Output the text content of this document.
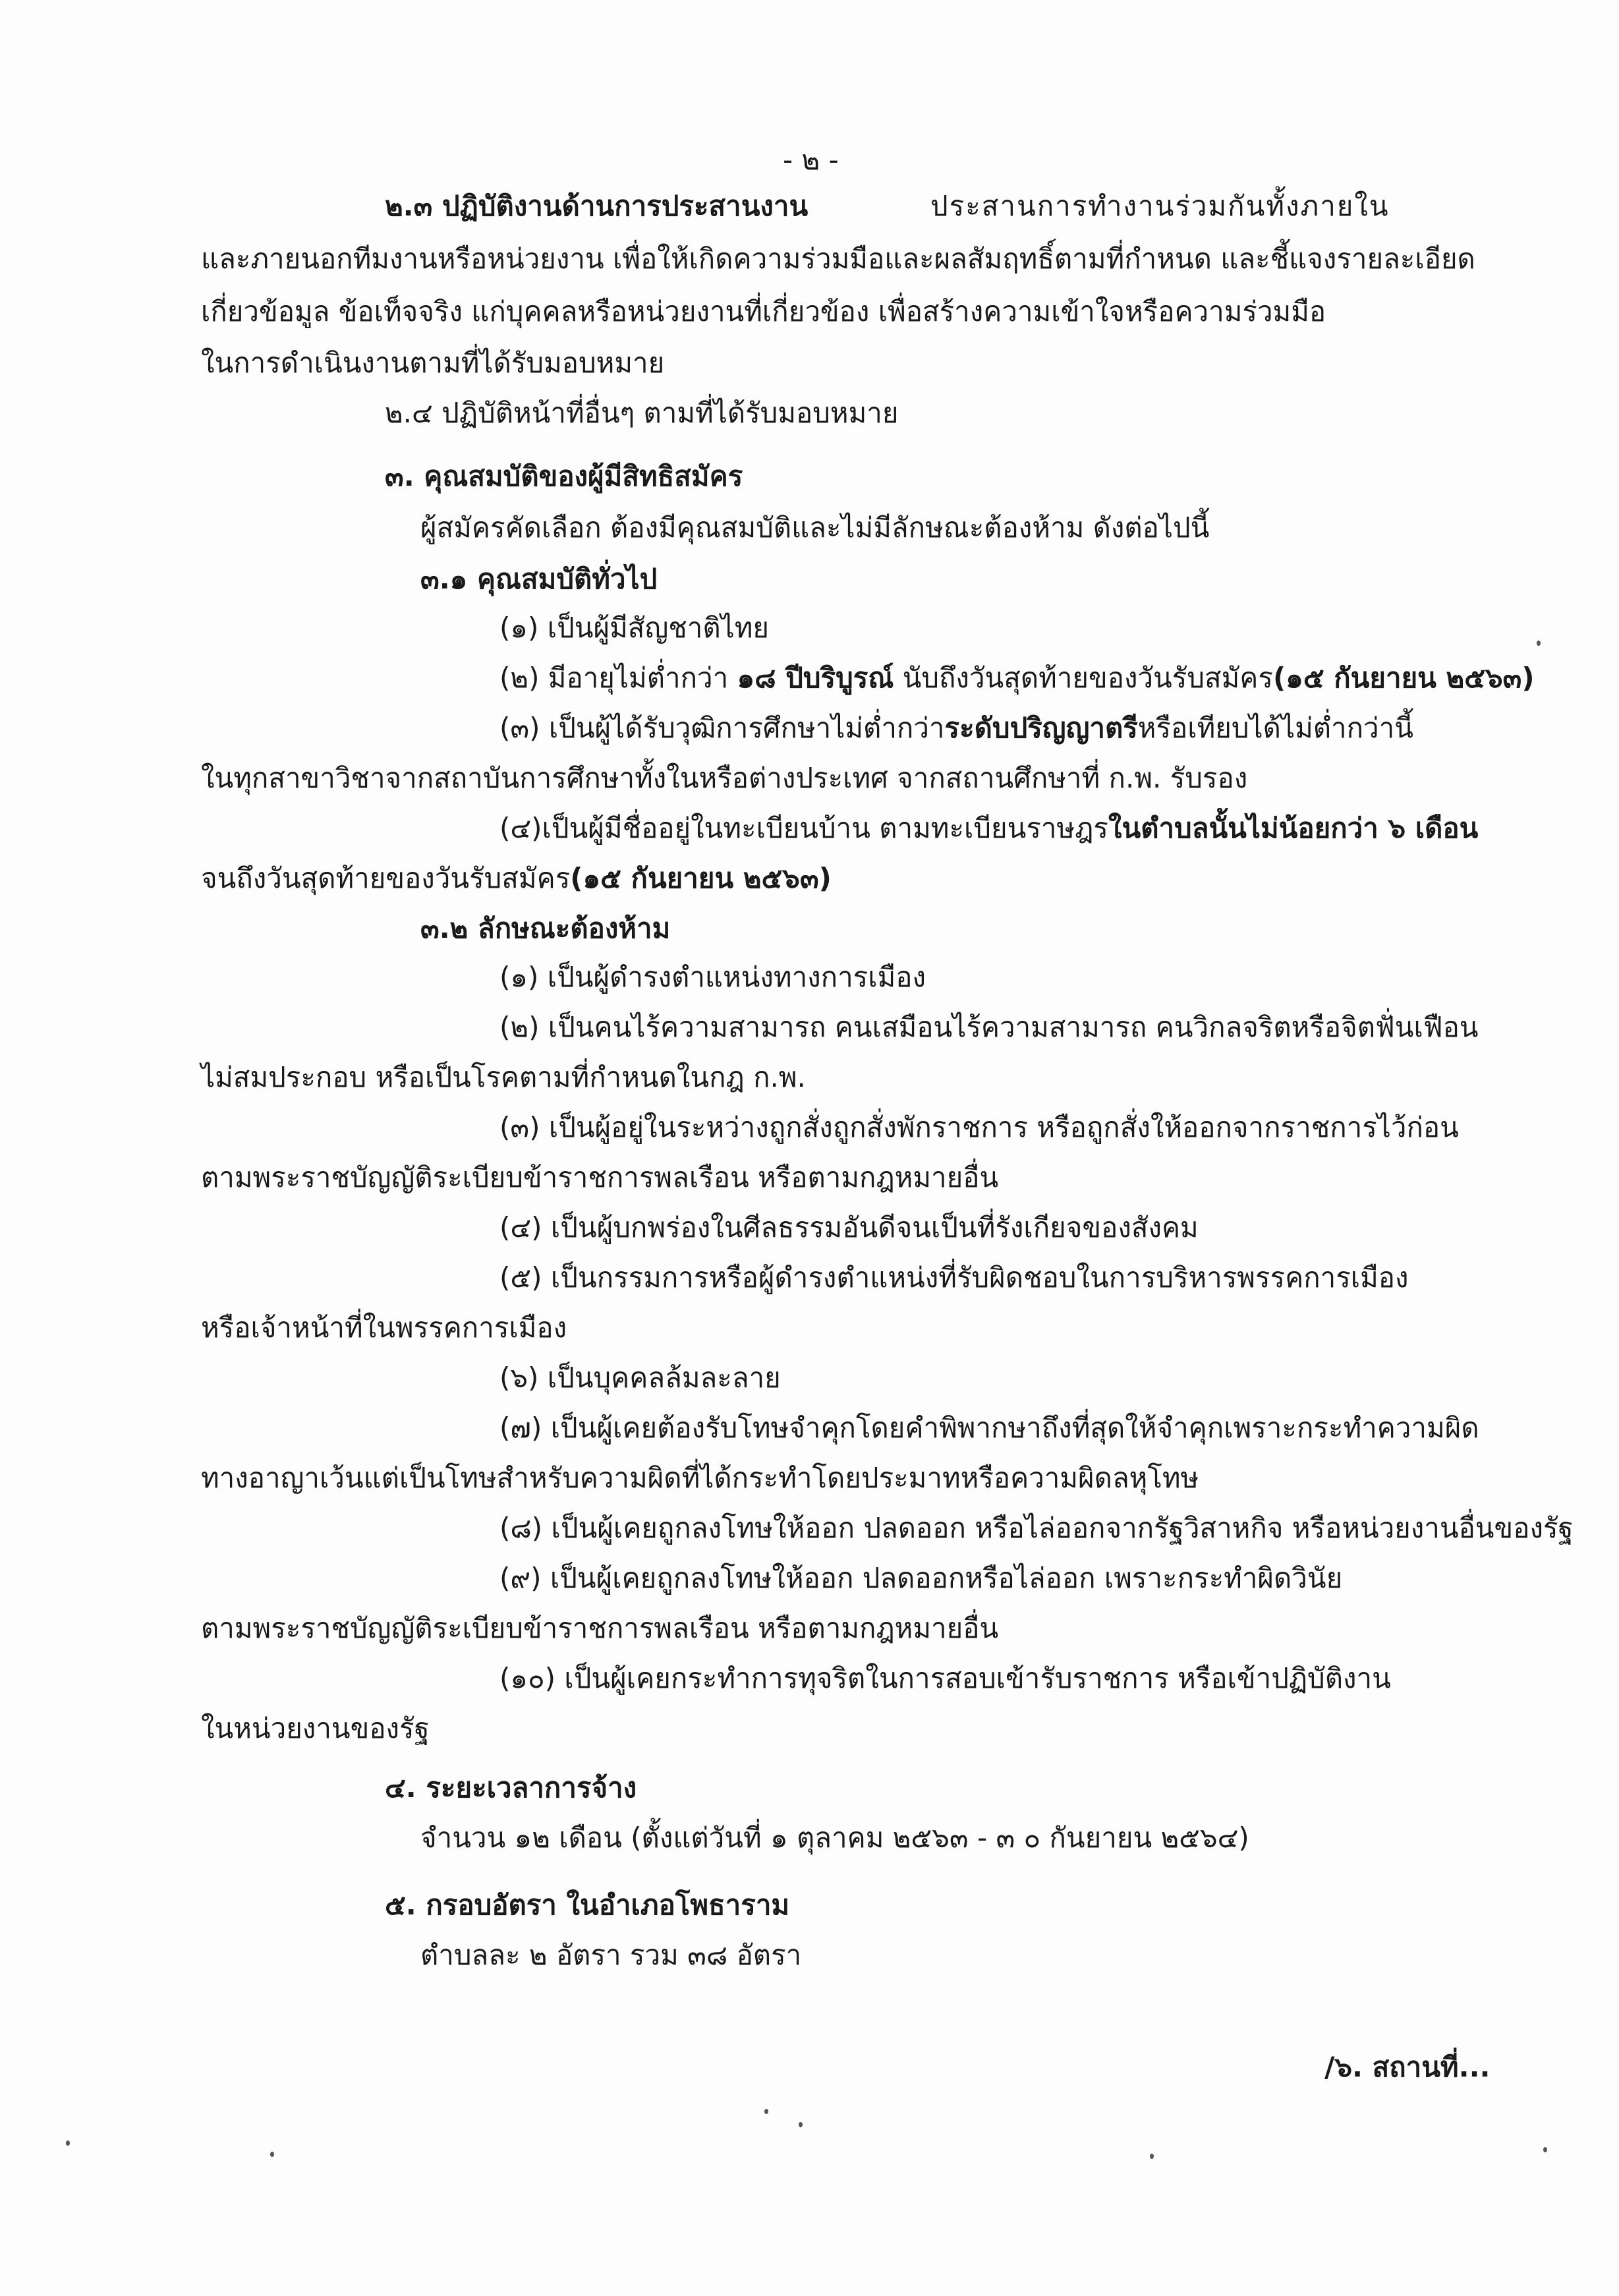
- ๒ -
๒.๓ ปฏิบัติงานด้านการประสานงาน	ประสานการทำงานร่วมกันทั้งภายใน
และภายนอกทีมงานหรือหน่วยงาน เพื่อให้เกิดความร่วมมือและผลสัมฤทธิ์ตามที่กำหนด และชี้แจงรายละเอียด
เกี่ยวข้อมูล ข้อเท็จจริง แก่บุคคลหรือหน่วยงานที่เกี่ยวข้อง เพื่อสร้างความเข้าใจหรือความร่วมมือ
ในการดำเนินงานตามที่ได้รับมอบหมาย
๒.๔ ปฏิบัติหน้าที่อื่นๆ ตามที่ได้รับมอบหมาย
๓. คุณสมบัติของผู้มีสิทธิสมัคร
ผู้สมัครคัดเลือก ต้องมีคุณสมบัติและไม่มีลักษณะต้องห้าม ดังต่อไปนี้
๓.๑ คุณสมบัติทั่วไป
(๑) เป็นผู้มีสัญชาติไทย
(๒) มีอายุไม่ต่ำกว่า ๑๘ ปีบริบูรณ์ นับถึงวันสุดท้ายของวันรับสมัคร(๑๕ กันยายน ๒๕๖๓)
(๓) เป็นผู้ได้รับวุฒิการศึกษาไม่ต่ำกว่าระดับปริญญาตรีหรือเทียบได้ไม่ต่ำกว่านี้
ในทุกสาขาวิชาจากสถาบันการศึกษาทั้งในหรือต่างประเทศ จากสถานศึกษาที่ ก.พ. รับรอง
(๔)เป็นผู้มีชื่ออยู่ในทะเบียนบ้าน ตามทะเบียนราษฎรในตำบลนั้นไม่น้อยกว่า ๖ เดือน
จนถึงวันสุดท้ายของวันรับสมัคร(๑๕ กันยายน ๒๕๖๓)
๓.๒ ลักษณะต้องห้าม
(๑) เป็นผู้ดำรงตำแหน่งทางการเมือง
(๒) เป็นคนไร้ความสามารถ คนเสมือนไร้ความสามารถ คนวิกลจริตหรือจิตฟั่นเฟือน
ไม่สมประกอบ หรือเป็นโรคตามที่กำหนดในกฎ ก.พ.
(๓) เป็นผู้อยู่ในระหว่างถูกสั่งถูกสั่งพักราชการ หรือถูกสั่งให้ออกจากราชการไว้ก่อน
ตามพระราชบัญญัติระเบียบข้าราชการพลเรือน หรือตามกฎหมายอื่น
(๔) เป็นผู้บกพร่องในศีลธรรมอันดีจนเป็นที่รังเกียจของสังคม
(๕) เป็นกรรมการหรือผู้ดำรงตำแหน่งที่รับผิดชอบในการบริหารพรรคการเมือง
หรือเจ้าหน้าที่ในพรรคการเมือง
(๖) เป็นบุคคลล้มละลาย
(๗) เป็นผู้เคยต้องรับโทษจำคุกโดยคำพิพากษาถึงที่สุดให้จำคุกเพราะกระทำความผิด
ทางอาญาเว้นแต่เป็นโทษสำหรับความผิดที่ได้กระทำโดยประมาทหรือความผิดลหุโทษ
(๘) เป็นผู้เคยถูกลงโทษให้ออก ปลดออก หรือไล่ออกจากรัฐวิสาหกิจ หรือหน่วยงานอื่นของรัฐ
(๙) เป็นผู้เคยถูกลงโทษให้ออก ปลดออกหรือไล่ออก เพราะกระทำผิดวินัย
ตามพระราชบัญญัติระเบียบข้าราชการพลเรือน หรือตามกฎหมายอื่น
(๑๐) เป็นผู้เคยกระทำการทุจริตในการสอบเข้ารับราชการ หรือเข้าปฏิบัติงาน
ในหน่วยงานของรัฐ
๔. ระยะเวลาการจ้าง
จำนวน ๑๒ เดือน (ตั้งแต่วันที่ ๑ ตุลาคม ๒๕๖๓ - ๓ ๐ กันยายน ๒๕๖๔)
๕. กรอบอัตรา ในอำเภอโพธาราม
ตำบลละ ๒ อัตรา รวม ๓๘ อัตรา
/๖. สถานที่...
